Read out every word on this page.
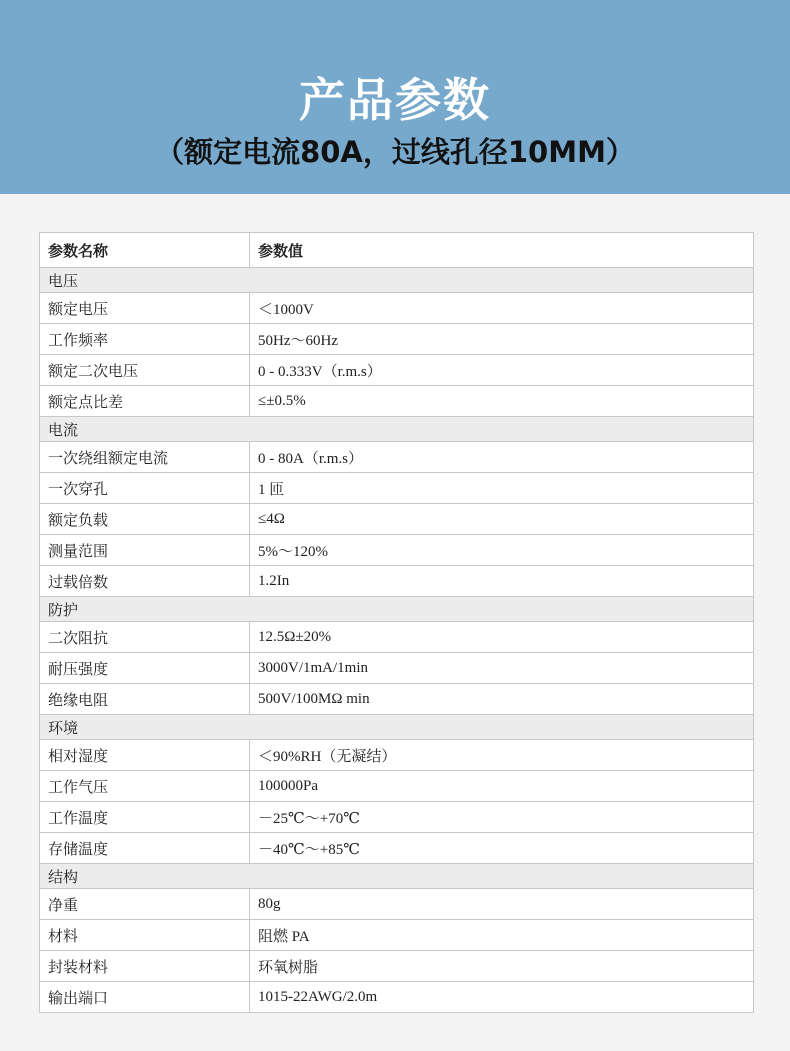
产品参数
（额定电流80A，过线孔径10MM）
参数名称	参数值
电压	
额定电压	＜1000V
工作频率	50Hz～60Hz
额定二次电压	0 - 0.333V（r.m.s）
额定点比差	≤±0.5%
电流	
一次绕组额定电流	0 - 80A（r.m.s）
一次穿孔	1 匝
额定负载	≤4Ω
测量范围	5%～120%
过载倍数	1.2In
防护	
二次阻抗	12.5Ω±20%
耐压强度	3000V/1mA/1min
绝缘电阻	500V/100MΩ min
环境	
相对湿度	＜90%RH（无凝结）
工作气压	100000Pa
工作温度	－25℃～+70℃
存储温度	－40℃～+85℃
结构	
净重	80g
材料	阻燃 PA
封装材料	环氧树脂
输出端口	1015-22AWG/2.0m
